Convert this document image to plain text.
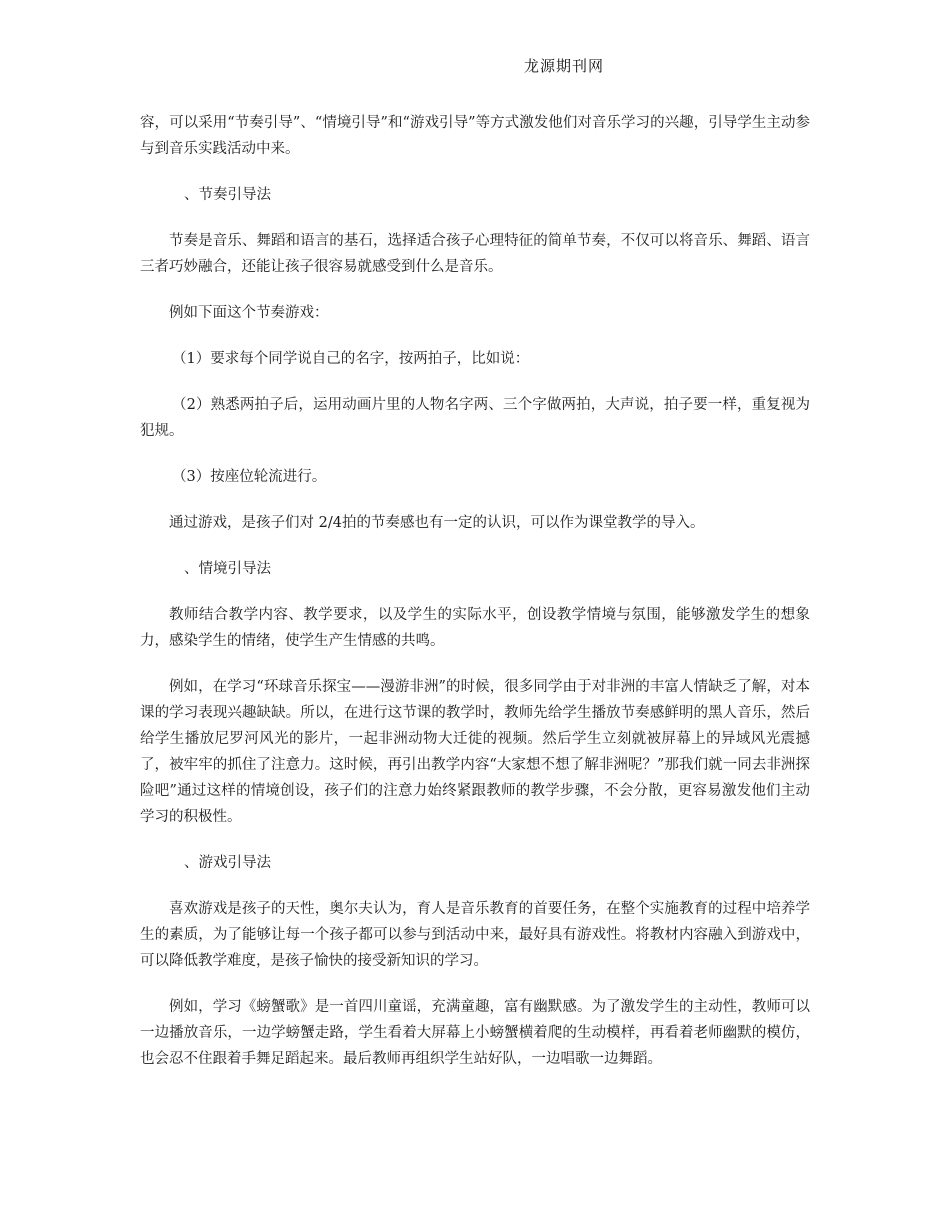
龙源期刊网

容，可以采用“节奏引导”、“情境引导”和“游戏引导”等方式激发他们对音乐学习的兴趣，引导学生主动参与到音乐实践活动中来。

、节奏引导法

节奏是音乐、舞蹈和语言的基石，选择适合孩子心理特征的简单节奏，不仅可以将音乐、舞蹈、语言三者巧妙融合，还能让孩子很容易就感受到什么是音乐。

例如下面这个节奏游戏：

（1）要求每个同学说自己的名字，按两拍子，比如说：

（2）熟悉两拍子后，运用动画片里的人物名字两、三个字做两拍，大声说，拍子要一样，重复视为犯规。

（3）按座位轮流进行。

通过游戏，是孩子们对 2/4拍的节奏感也有一定的认识，可以作为课堂教学的导入。

、情境引导法

教师结合教学内容、教学要求，以及学生的实际水平，创设教学情境与氛围，能够激发学生的想象力，感染学生的情绪，使学生产生情感的共鸣。

例如，在学习“环球音乐探宝——漫游非洲”的时候，很多同学由于对非洲的丰富人情缺乏了解，对本课的学习表现兴趣缺缺。所以，在进行这节课的教学时，教师先给学生播放节奏感鲜明的黑人音乐，然后给学生播放尼罗河风光的影片，一起非洲动物大迁徙的视频。然后学生立刻就被屏幕上的异域风光震撼了，被牢牢的抓住了注意力。这时候，再引出教学内容“大家想不想了解非洲呢？”那我们就一同去非洲探险吧”通过这样的情境创设，孩子们的注意力始终紧跟教师的教学步骤，不会分散，更容易激发他们主动学习的积极性。

、游戏引导法

喜欢游戏是孩子的天性，奥尔夫认为，育人是音乐教育的首要任务，在整个实施教育的过程中培养学生的素质，为了能够让每一个孩子都可以参与到活动中来，最好具有游戏性。将教材内容融入到游戏中，可以降低教学难度，是孩子愉快的接受新知识的学习。

例如，学习《螃蟹歌》是一首四川童谣，充满童趣，富有幽默感。为了激发学生的主动性，教师可以一边播放音乐，一边学螃蟹走路，学生看着大屏幕上小螃蟹横着爬的生动模样，再看着老师幽默的模仿，也会忍不住跟着手舞足蹈起来。最后教师再组织学生站好队，一边唱歌一边舞蹈。
